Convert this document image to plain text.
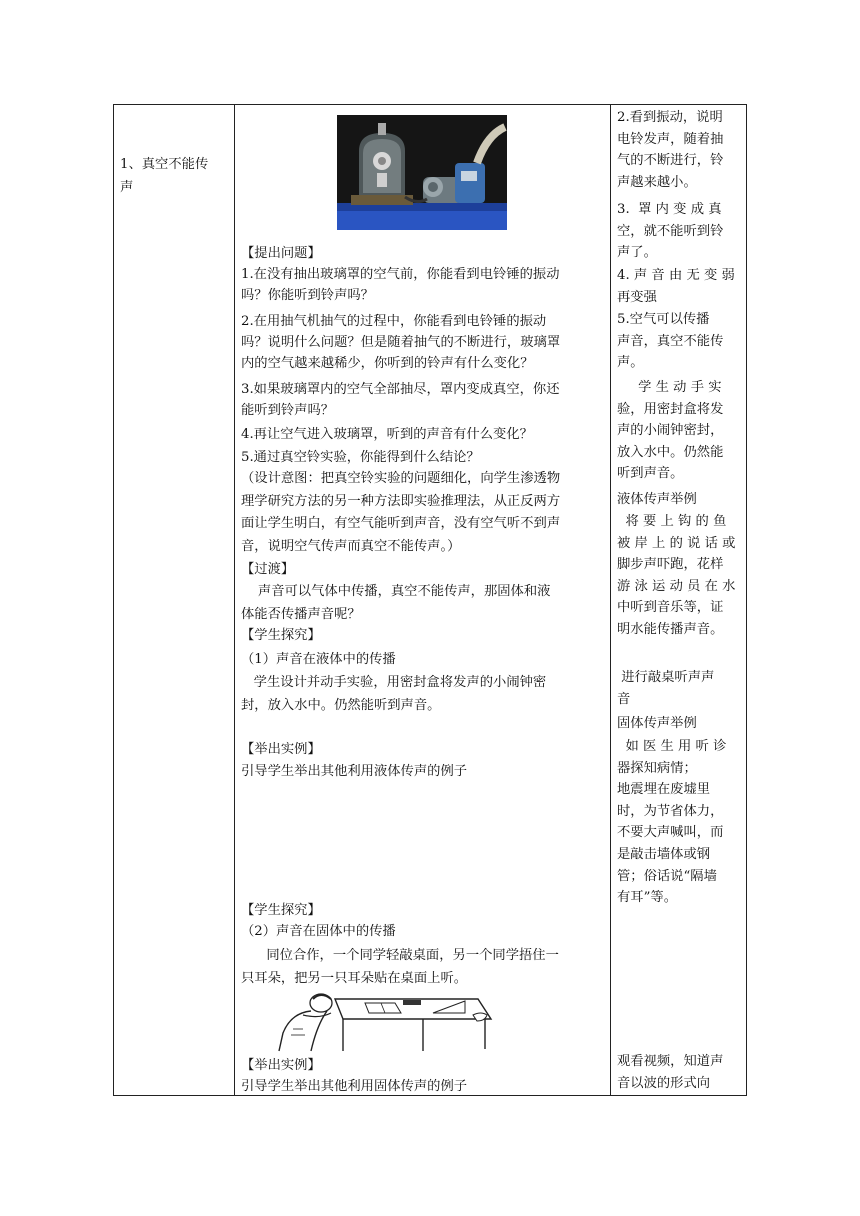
1、真空不能传
声
【提出问题】
1.在没有抽出玻璃罩的空气前，你能看到电铃锤的振动
吗？你能听到铃声吗？
2.在用抽气机抽气的过程中，你能看到电铃锤的振动
吗？说明什么问题？但是随着抽气的不断进行，玻璃罩
内的空气越来越稀少，你听到的铃声有什么变化？
3.如果玻璃罩内的空气全部抽尽，罩内变成真空，你还
能听到铃声吗？
4.再让空气进入玻璃罩，听到的声音有什么变化？
5.通过真空铃实验，你能得到什么结论？
（设计意图：把真空铃实验的问题细化，向学生渗透物
理学研究方法的另一种方法即实验推理法，从正反两方
面让学生明白，有空气能听到声音，没有空气听不到声
音，说明空气传声而真空不能传声。）
【过渡】
声音可以气体中传播，真空不能传声，那固体和液
体能否传播声音呢？
【学生探究】
（1）声音在液体中的传播
学生设计并动手实验，用密封盒将发声的小闹钟密
封，放入水中。仍然能听到声音。
【举出实例】
引导学生举出其他利用液体传声的例子
【学生探究】
（2）声音在固体中的传播
同位合作，一个同学轻敲桌面，另一个同学捂住一
只耳朵，把另一只耳朵贴在桌面上听。
【举出实例】
引导学生举出其他利用固体传声的例子
2.看到振动，说明
电铃发声，随着抽
气的不断进行，铃
声越来越小。
3.  罩 内 变 成 真
空，就不能听到铃
声了。
4. 声 音 由 无 变 弱
再变强
5.空气可以传播
声音，真空不能传
声。
学 生 动 手 实
验，用密封盒将发
声的小闹钟密封，
放入水中。仍然能
听到声音。
液体传声举例
将 要 上 钩 的 鱼
被 岸 上 的 说 话 或
脚步声吓跑，花样
游 泳 运 动 员 在 水
中听到音乐等，证
明水能传播声音。
进行敲桌听声声
音
固体传声举例
如 医 生 用 听 诊
器探知病情；
地震埋在废墟里
时，为节省体力，
不要大声喊叫，而
是敲击墙体或钢
管；俗话说“隔墙
有耳”等。
观看视频，知道声
音以波的形式向
